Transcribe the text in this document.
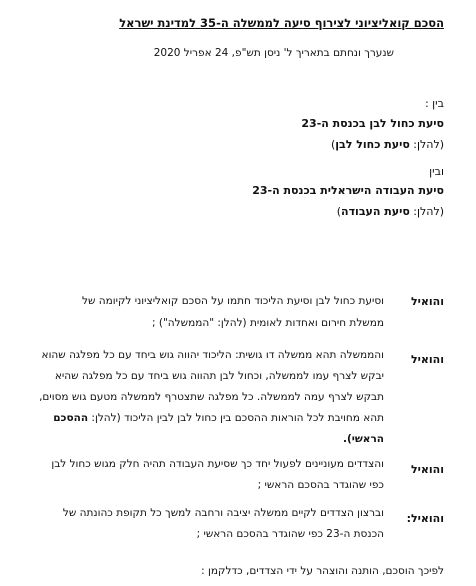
הסכם קואליציוני לצירוף סיעה לממשלה ה-35 למדינת ישראל
שנערך ונחתם בתאריך ל' ניסן תש"פ, 24 אפריל 2020
בין :
סיעת כחול לבן בכנסת ה-23
(להלן: סיעת כחול לבן)
ובין
סיעת העבודה הישראלית בכנסת ה-23
(להלן: סיעת העבודה)
והואיל
וסיעת כחול לבן וסיעת הליכוד חתמו על הסכם קואליציוני לקיומה של
ממשלת חירום ואחדות לאומית (להלן: "הממשלה") ;
והואיל
והממשלה תהא ממשלה דו גושית: הליכוד יהווה גוש ביחד עם כל מפלגה שהוא
יבקש לצרף עמו לממשלה, וכחול לבן תהווה גוש ביחד עם כל מפלגה שהיא
תבקש לצרף עמה לממשלה. כל מפלגה שתצטרף לממשלה מטעם גוש מסוים,
תהא מחויבת לכל הוראות ההסכם בין כחול לבן לבין הליכוד (להלן: ההסכם
הראשי).
והואיל
והצדדים מעוניינים לפעול יחד כך שסיעת העבודה תהיה חלק מגוש כחול לבן
כפי שהוגדר בהסכם הראשי ;
והואיל:
וברצון הצדדים לקיים ממשלה יציבה ורחבה למשך כל תקופת כהונתה של
הכנסת ה-23 כפי שהוגדר בהסכם הראשי ;
לפיכך הוסכם, הותנה והוצהר על ידי הצדדים, כדלקמן :
